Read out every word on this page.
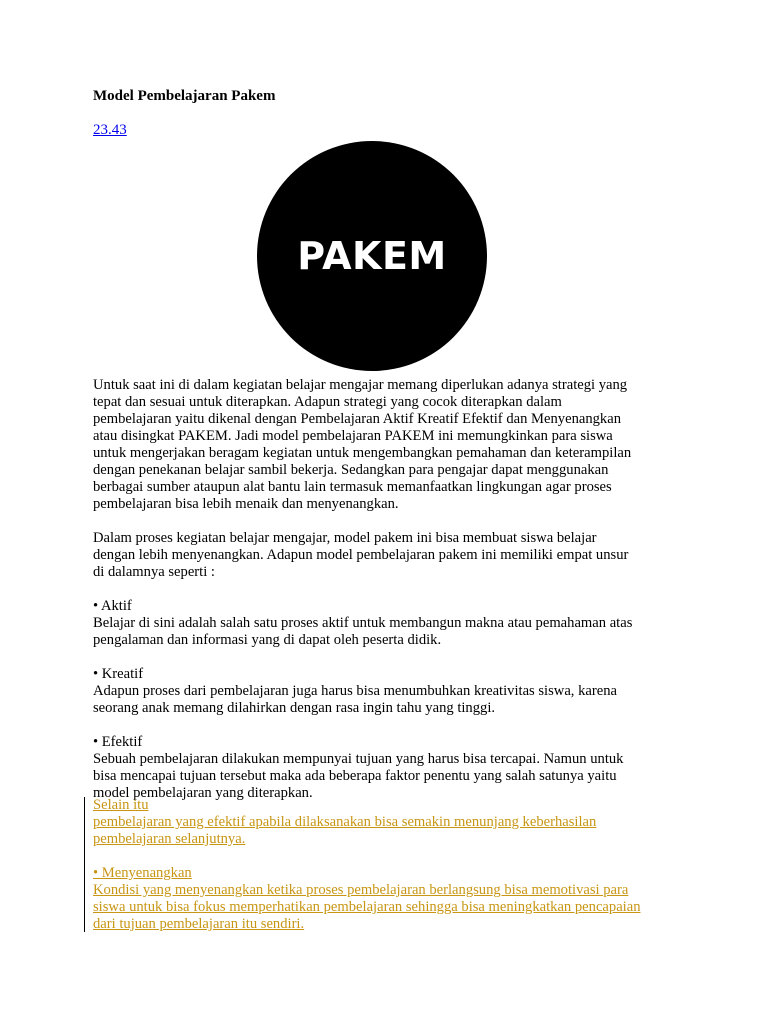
Model Pembelajaran Pakem
23.43
PAKEM

Untuk saat ini di dalam kegiatan belajar mengajar memang diperlukan adanya strategi yang

tepat dan sesuai untuk diterapkan. Adapun strategi yang cocok diterapkan dalam

pembelajaran yaitu dikenal dengan Pembelajaran Aktif Kreatif Efektif dan Menyenangkan

atau disingkat PAKEM. Jadi model pembelajaran PAKEM ini memungkinkan para siswa

untuk mengerjakan beragam kegiatan untuk mengembangkan pemahaman dan keterampilan

dengan penekanan belajar sambil bekerja. Sedangkan para pengajar dapat menggunakan

berbagai sumber ataupun alat bantu lain termasuk memanfaatkan lingkungan agar proses

pembelajaran bisa lebih menaik dan menyenangkan.

Dalam proses kegiatan belajar mengajar, model pakem ini bisa membuat siswa belajar

dengan lebih menyenangkan. Adapun model pembelajaran pakem ini memiliki empat unsur

di dalamnya seperti :

• Aktif

Belajar di sini adalah salah satu proses aktif untuk membangun makna atau pemahaman atas

pengalaman dan informasi yang di dapat oleh peserta didik.

• Kreatif

Adapun proses dari pembelajaran juga harus bisa menumbuhkan kreativitas siswa, karena

seorang anak memang dilahirkan dengan rasa ingin tahu yang tinggi.

• Efektif

Sebuah pembelajaran dilakukan mempunyai tujuan yang harus bisa tercapai. Namun untuk

bisa mencapai tujuan tersebut maka ada beberapa faktor penentu yang salah satunya yaitu

model pembelajaran yang diterapkan.

Selain itu

pembelajaran yang efektif apabila dilaksanakan bisa semakin menunjang keberhasilan

pembelajaran selanjutnya.

• Menyenangkan

Kondisi yang menyenangkan ketika proses pembelajaran berlangsung bisa memotivasi para

siswa untuk bisa fokus memperhatikan pembelajaran sehingga bisa meningkatkan pencapaian

dari tujuan pembelajaran itu sendiri.
